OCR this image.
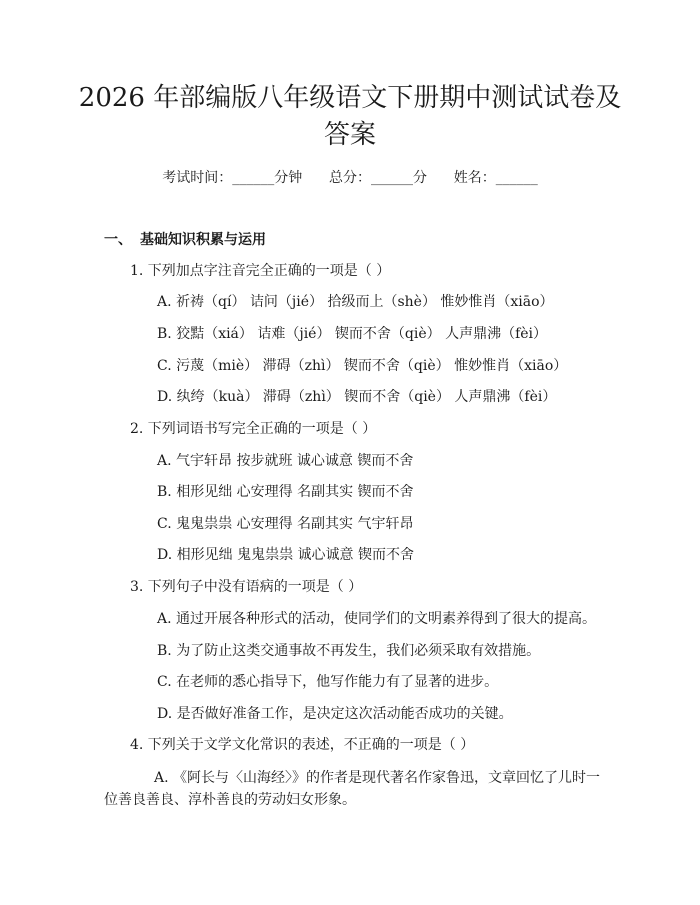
2026 年部编版八年级语文下册期中测试试卷及答案
考试时间：______分钟 总分：______分 姓名：______
一、 基础知识积累与运用
1. 下列加点字注音完全正确的一项是（ ）
A. 祈祷（qí） 诘问（jié） 拾级而上（shè） 惟妙惟肖（xiāo）
B. 狡黠（xiá） 诘难（jié） 锲而不舍（qiè） 人声鼎沸（fèi）
C. 污蔑（miè） 滞碍（zhì） 锲而不舍（qiè） 惟妙惟肖（xiāo）
D. 纨绔（kuà） 滞碍（zhì） 锲而不舍（qiè） 人声鼎沸（fèi）
2. 下列词语书写完全正确的一项是（ ）
A. 气宇轩昂 按步就班 诚心诚意 锲而不舍
B. 相形见绌 心安理得 名副其实 锲而不舍
C. 鬼鬼祟祟 心安理得 名副其实 气宇轩昂
D. 相形见绌 鬼鬼祟祟 诚心诚意 锲而不舍
3. 下列句子中没有语病的一项是（ ）
A. 通过开展各种形式的活动，使同学们的文明素养得到了很大的提高。
B. 为了防止这类交通事故不再发生，我们必须采取有效措施。
C. 在老师的悉心指导下，他写作能力有了显著的进步。
D. 是否做好准备工作，是决定这次活动能否成功的关键。
4. 下列关于文学文化常识的表述，不正确的一项是（ ）
A. 《阿长与〈山海经〉》的作者是现代著名作家鲁迅，文章回忆了儿时一位善良善良、淳朴善良的劳动妇女形象。
